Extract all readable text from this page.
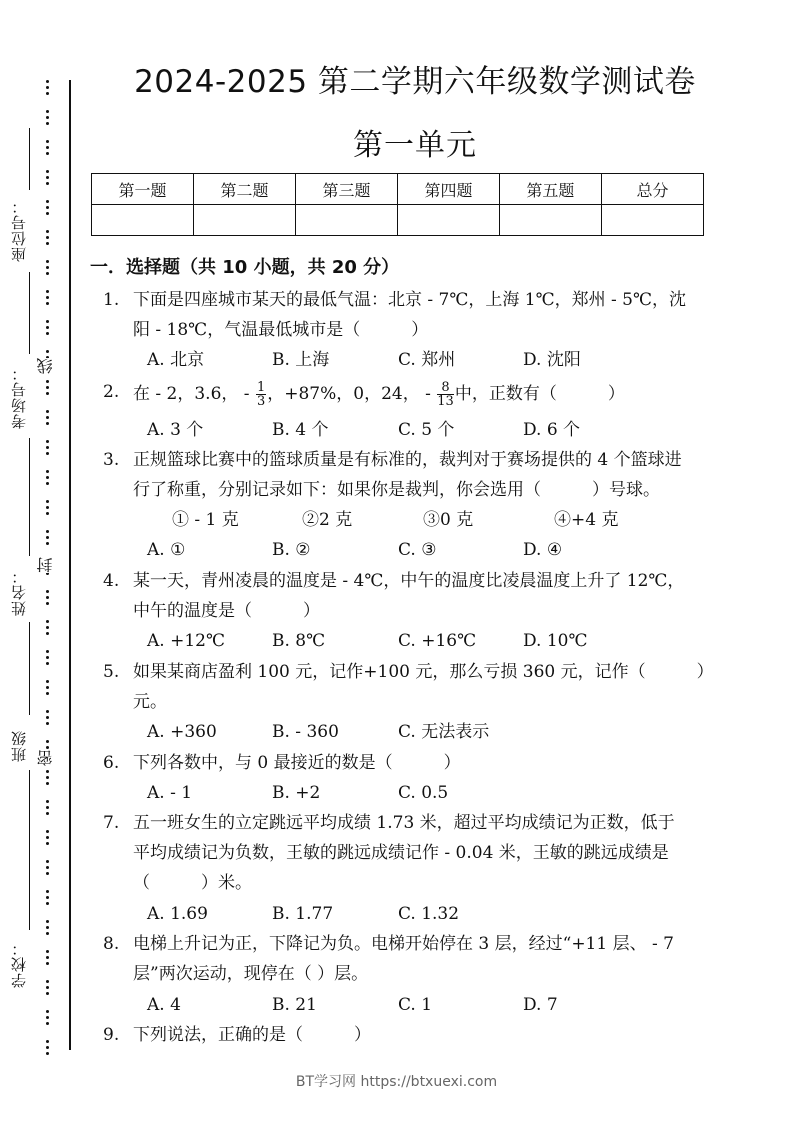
线
封
密
座位号：
考场号：
姓名：
班级
学校：
2024-2025 第二学期六年级数学测试卷
第一单元
第一题	第二题	第三题	第四题	第五题	总分

一．选择题（共 10 小题，共 20 分）
1. 下面是四座城市某天的最低气温：北京 - 7℃，上海 1℃，郑州 - 5℃，沈
阳 - 18℃，气温最低城市是（　　　）
A. 北京	B. 上海	C. 郑州	D. 沈阳
2. 在 - 2，3.6， - $\frac{1}{3}$ ，+87%，0，24， - $\frac{8}{13}$ 中，正数有（　　　）
A. 3 个	B. 4 个	C. 5 个	D. 6 个
3. 正规篮球比赛中的篮球质量是有标准的，裁判对于赛场提供的 4 个篮球进
行了称重，分别记录如下：如果你是裁判，你会选用（　　　）号球。
① - 1 克	②2 克	③0 克	④+4 克
A. ①	B. ②	C. ③	D. ④
4. 某一天，青州凌晨的温度是 - 4℃，中午的温度比凌晨温度上升了 12℃，
中午的温度是（　　　）
A. +12℃	B. 8℃	C. +16℃	D. 10℃
5. 如果某商店盈利 100 元，记作+100 元，那么亏损 360 元，记作（　　　）
元。
A. +360	B. - 360	C. 无法表示
6. 下列各数中，与 0 最接近的数是（　　　）
A. - 1	B. +2	C. 0.5
7. 五一班女生的立定跳远平均成绩 1.73 米，超过平均成绩记为正数，低于
平均成绩记为负数，王敏的跳远成绩记作 - 0.04 米，王敏的跳远成绩是
（　　　）米。
A. 1.69	B. 1.77	C. 1.32
8. 电梯上升记为正，下降记为负。电梯开始停在 3 层，经过“+11 层、 - 7
层”两次运动，现停在（ ）层。
A. 4	B. 21	C. 1	D. 7
9. 下列说法，正确的是（　　　）
BT学习网 https://btxuexi.com
